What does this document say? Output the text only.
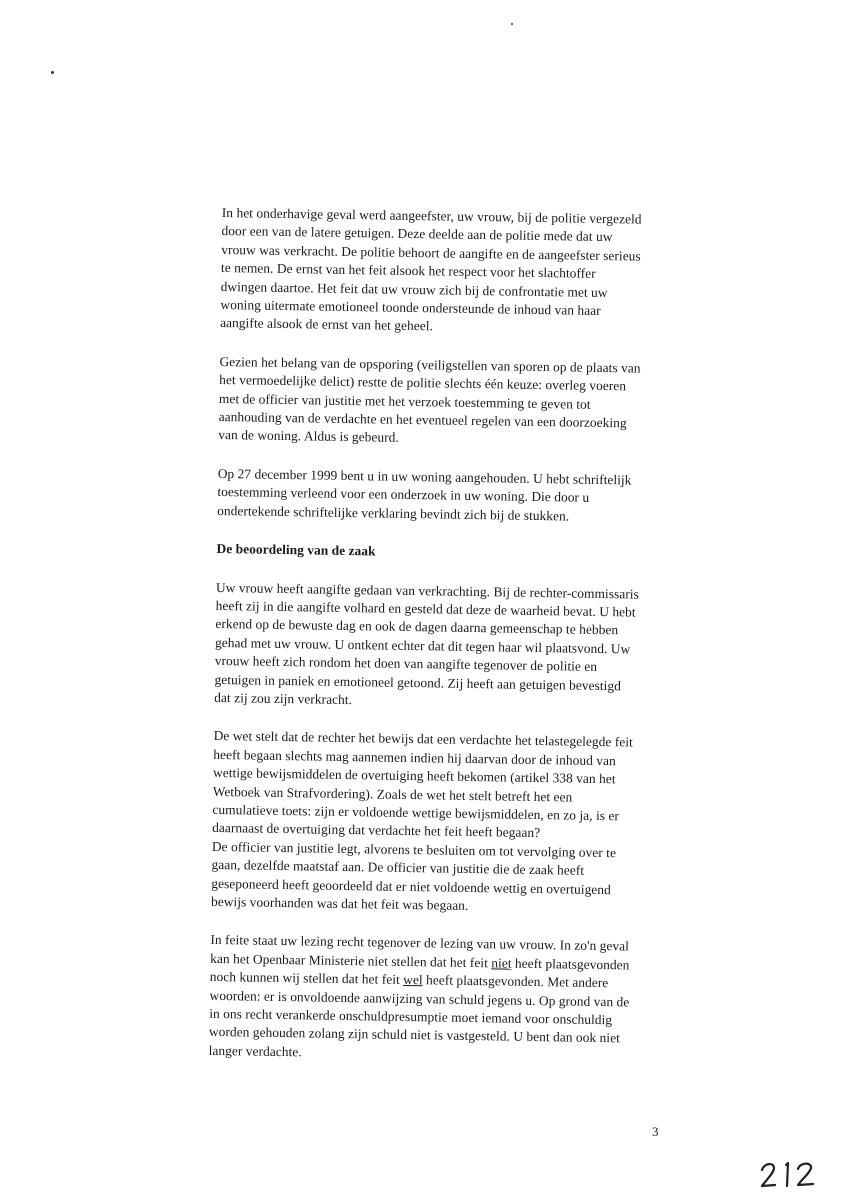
In het onderhavige geval werd aangeefster, uw vrouw, bij de politie vergezeld
door een van de latere getuigen. Deze deelde aan de politie mede dat uw
vrouw was verkracht. De politie behoort de aangifte en de aangeefster serieus
te nemen. De ernst van het feit alsook het respect voor het slachtoffer
dwingen daartoe. Het feit dat uw vrouw zich bij de confrontatie met uw
woning uitermate emotioneel toonde ondersteunde de inhoud van haar
aangifte alsook de ernst van het geheel.

Gezien het belang van de opsporing (veiligstellen van sporen op de plaats van
het vermoedelijke delict) restte de politie slechts één keuze: overleg voeren
met de officier van justitie met het verzoek toestemming te geven tot
aanhouding van de verdachte en het eventueel regelen van een doorzoeking
van de woning. Aldus is gebeurd.

Op 27 december 1999 bent u in uw woning aangehouden. U hebt schriftelijk
toestemming verleend voor een onderzoek in uw woning. Die door u
ondertekende schriftelijke verklaring bevindt zich bij de stukken.

De beoordeling van de zaak

Uw vrouw heeft aangifte gedaan van verkrachting. Bij de rechter-commissaris
heeft zij in die aangifte volhard en gesteld dat deze de waarheid bevat. U hebt
erkend op de bewuste dag en ook de dagen daarna gemeenschap te hebben
gehad met uw vrouw. U ontkent echter dat dit tegen haar wil plaatsvond. Uw
vrouw heeft zich rondom het doen van aangifte tegenover de politie en
getuigen in paniek en emotioneel getoond. Zij heeft aan getuigen bevestigd
dat zij zou zijn verkracht.

De wet stelt dat de rechter het bewijs dat een verdachte het telastegelegde feit
heeft begaan slechts mag aannemen indien hij daarvan door de inhoud van
wettige bewijsmiddelen de overtuiging heeft bekomen (artikel 338 van het
Wetboek van Strafvordering). Zoals de wet het stelt betreft het een
cumulatieve toets: zijn er voldoende wettige bewijsmiddelen, en zo ja, is er
daarnaast de overtuiging dat verdachte het feit heeft begaan?
De officier van justitie legt, alvorens te besluiten om tot vervolging over te
gaan, dezelfde maatstaf aan. De officier van justitie die de zaak heeft
geseponeerd heeft geoordeeld dat er niet voldoende wettig en overtuigend
bewijs voorhanden was dat het feit was begaan.

In feite staat uw lezing recht tegenover de lezing van uw vrouw. In zo'n geval
kan het Openbaar Ministerie niet stellen dat het feit niet heeft plaatsgevonden
noch kunnen wij stellen dat het feit wel heeft plaatsgevonden. Met andere
woorden: er is onvoldoende aanwijzing van schuld jegens u. Op grond van de
in ons recht verankerde onschuldpresumptie moet iemand voor onschuldig
worden gehouden zolang zijn schuld niet is vastgesteld. U bent dan ook niet
langer verdachte.

3
